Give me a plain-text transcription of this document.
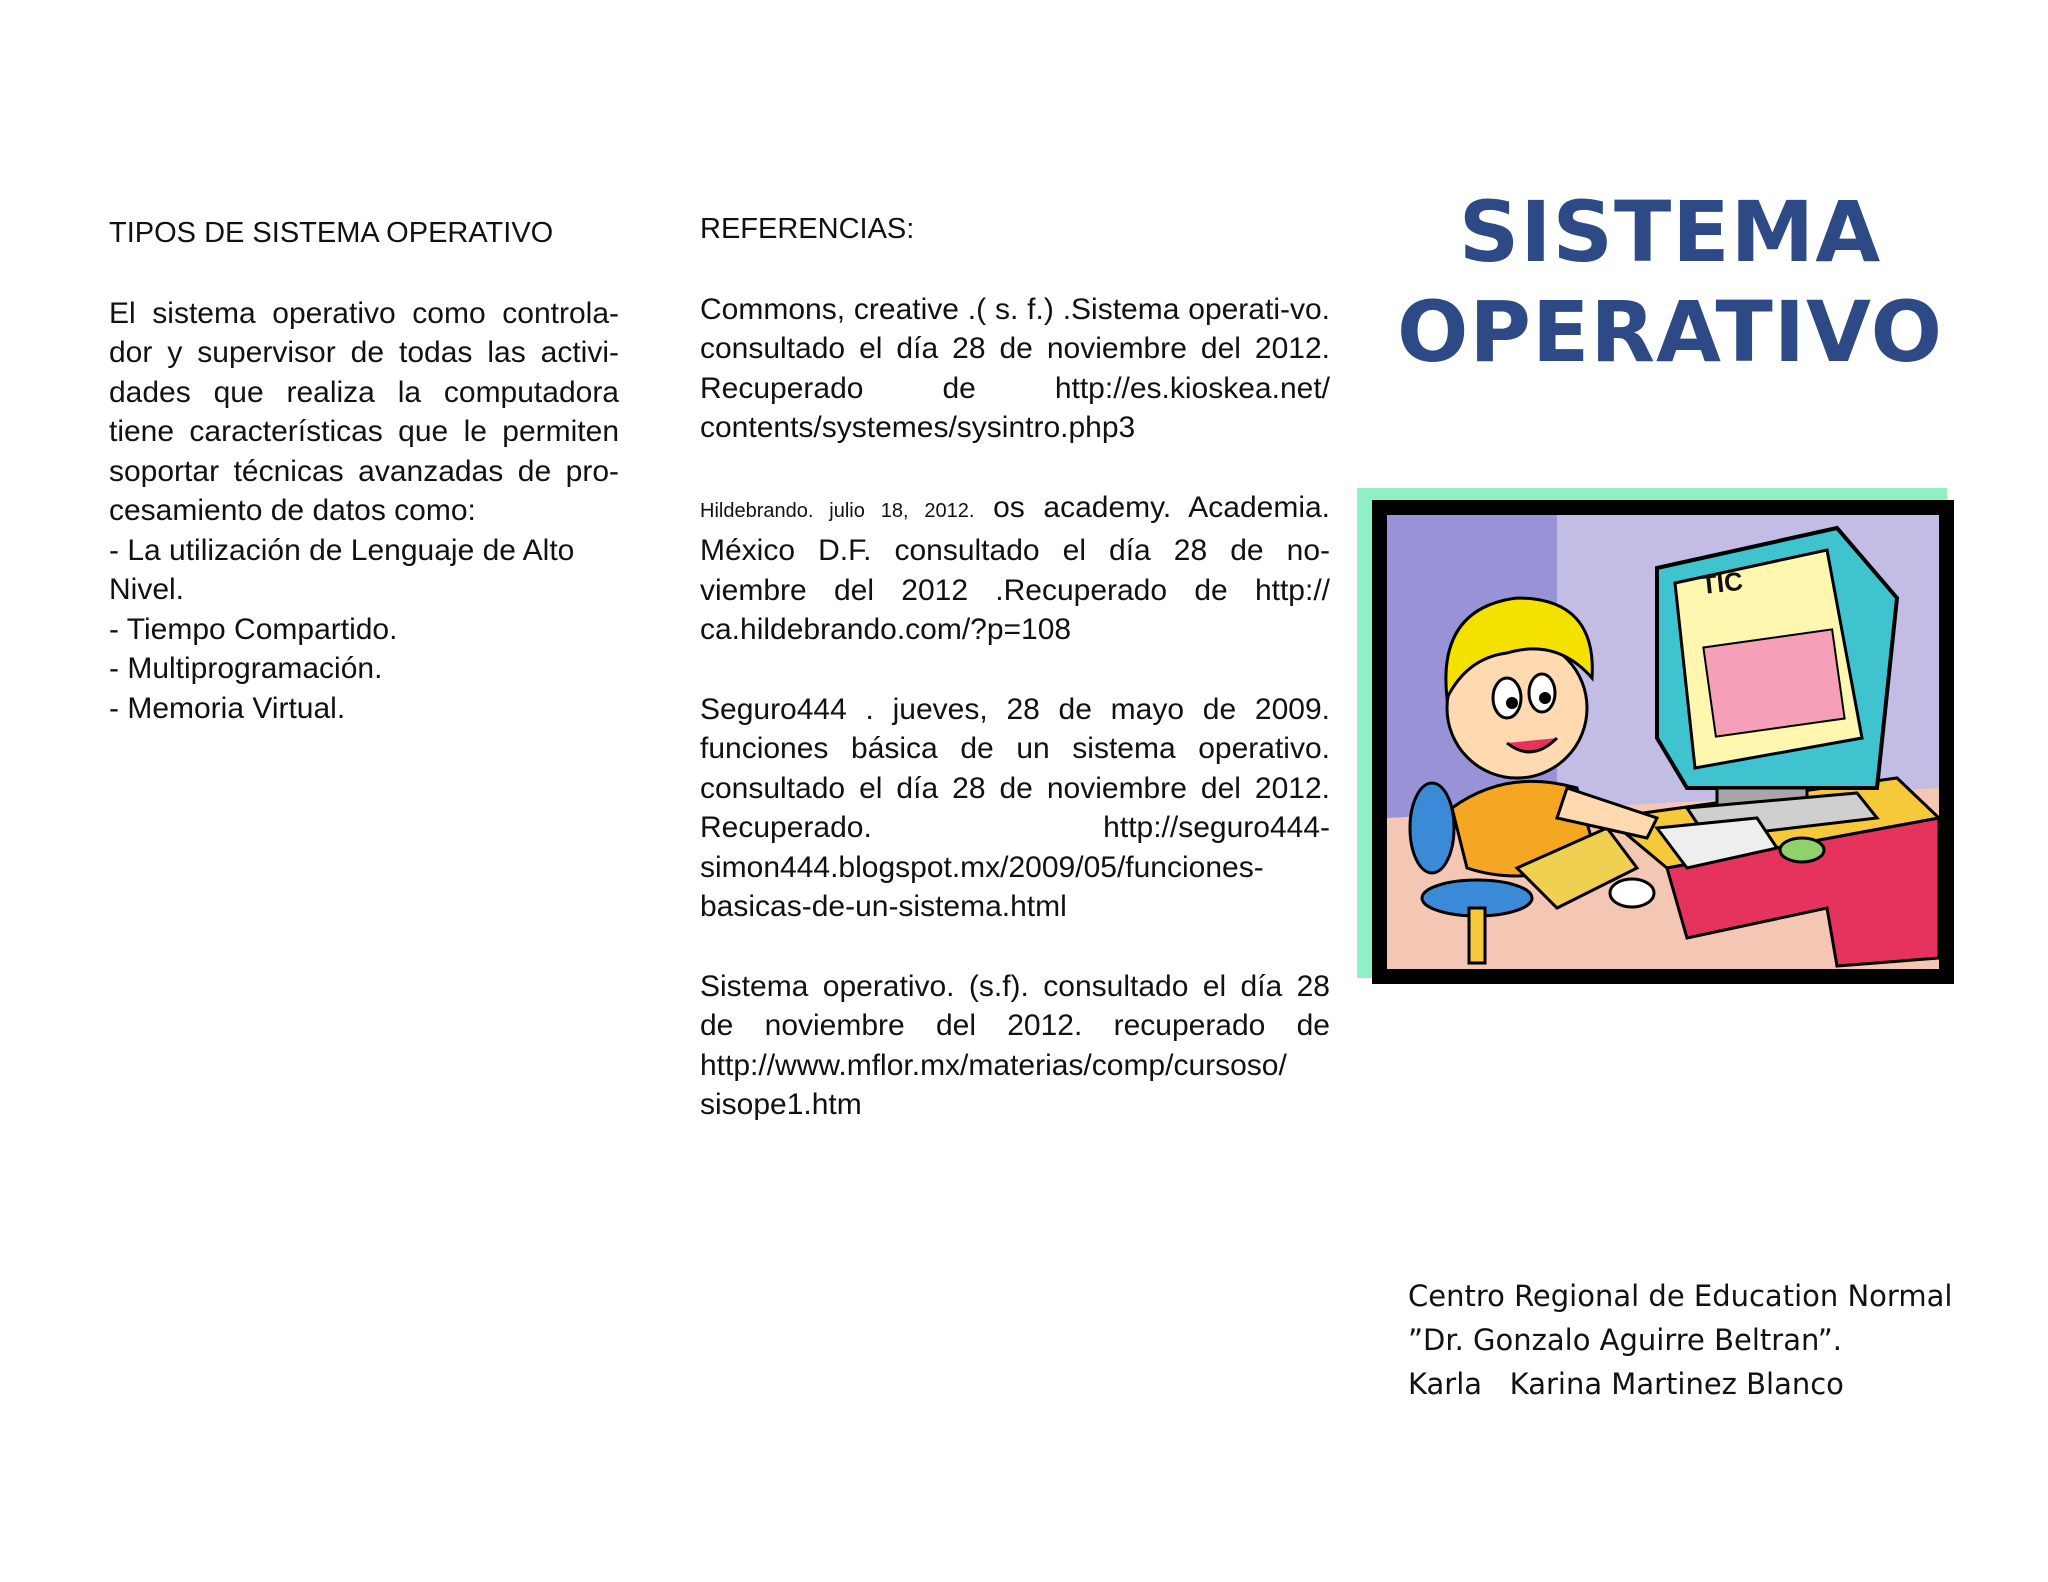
TIPOS DE SISTEMA OPERATIVO

El sistema operativo como controla-dor y supervisor de todas las activi-dades que realiza la computadora tiene características que le permiten soportar técnicas avanzadas de pro-cesamiento de datos como:

- La utilización de Lenguaje de Alto Nivel.
- Tiempo Compartido.
- Multiprogramación.
- Memoria Virtual.

REFERENCIAS:

Commons, creative .( s. f.) .Sistema operati-vo. consultado el día 28 de noviembre del 2012. Recuperado de http://es.kioskea.net/ contents/systemes/sysintro.php3

Hildebrando. julio 18, 2012. os academy. Academia. México D.F. consultado el día 28 de no-viembre del 2012 .Recuperado de http:// ca.hildebrando.com/?p=108

Seguro444 . jueves, 28 de mayo de 2009. funciones básica de un sistema operativo. consultado el día 28 de noviembre del 2012. Recuperado. http://seguro444-simon444.blogspot.mx/2009/05/funciones-basicas-de-un-sistema.html

Sistema operativo. (s.f). consultado el día 28 de noviembre del 2012. recuperado de http://www.mflor.mx/materias/comp/cursoso/ sisope1.htm

SISTEMA
OPERATIVO
TIC
Centro Regional de Education Normal
”Dr. Gonzalo Aguirre Beltran”.
Karla   Karina Martinez Blanco
